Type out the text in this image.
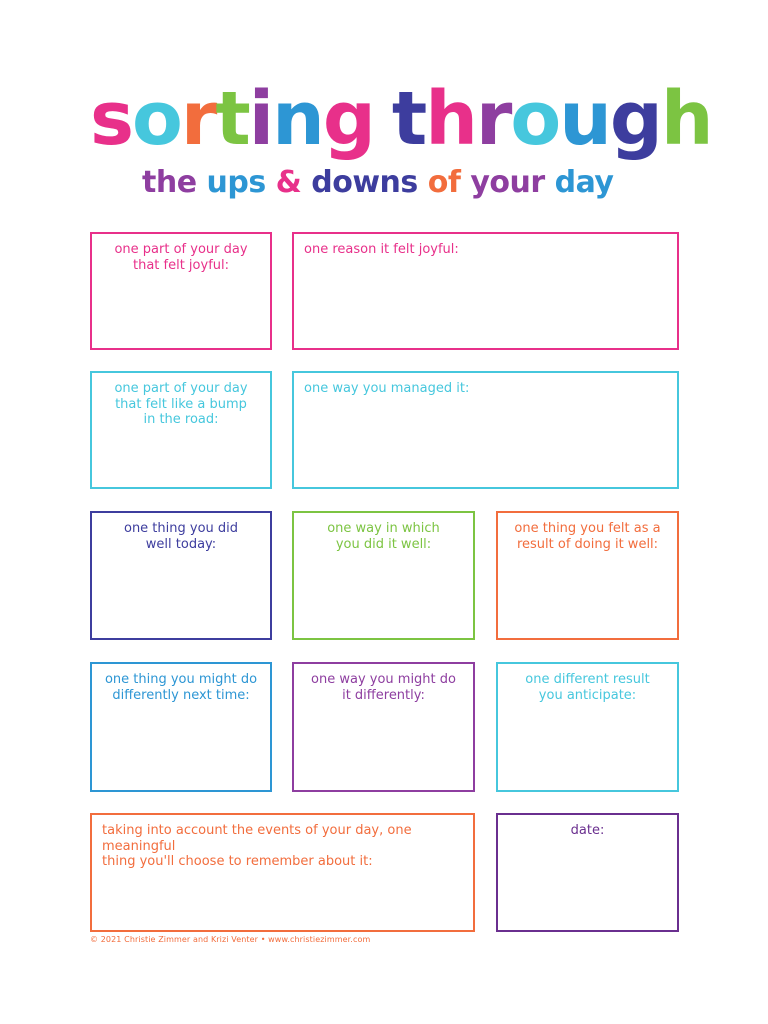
sorting through
the ups & downs of your day
one part of your day
that felt joyful:
one reason it felt joyful:
one part of your day
that felt like a bump
in the road:
one way you managed it:
one thing you did
well today:
one way in which
you did it well:
one thing you felt as a
result of doing it well:
one thing you might do
differently next time:
one way you might do
it differently:
one different result
you anticipate:
taking into account the events of your day, one meaningful
thing you'll choose to remember about it:
date:
© 2021 Christie Zimmer and Krizi Venter • www.christiezimmer.com
